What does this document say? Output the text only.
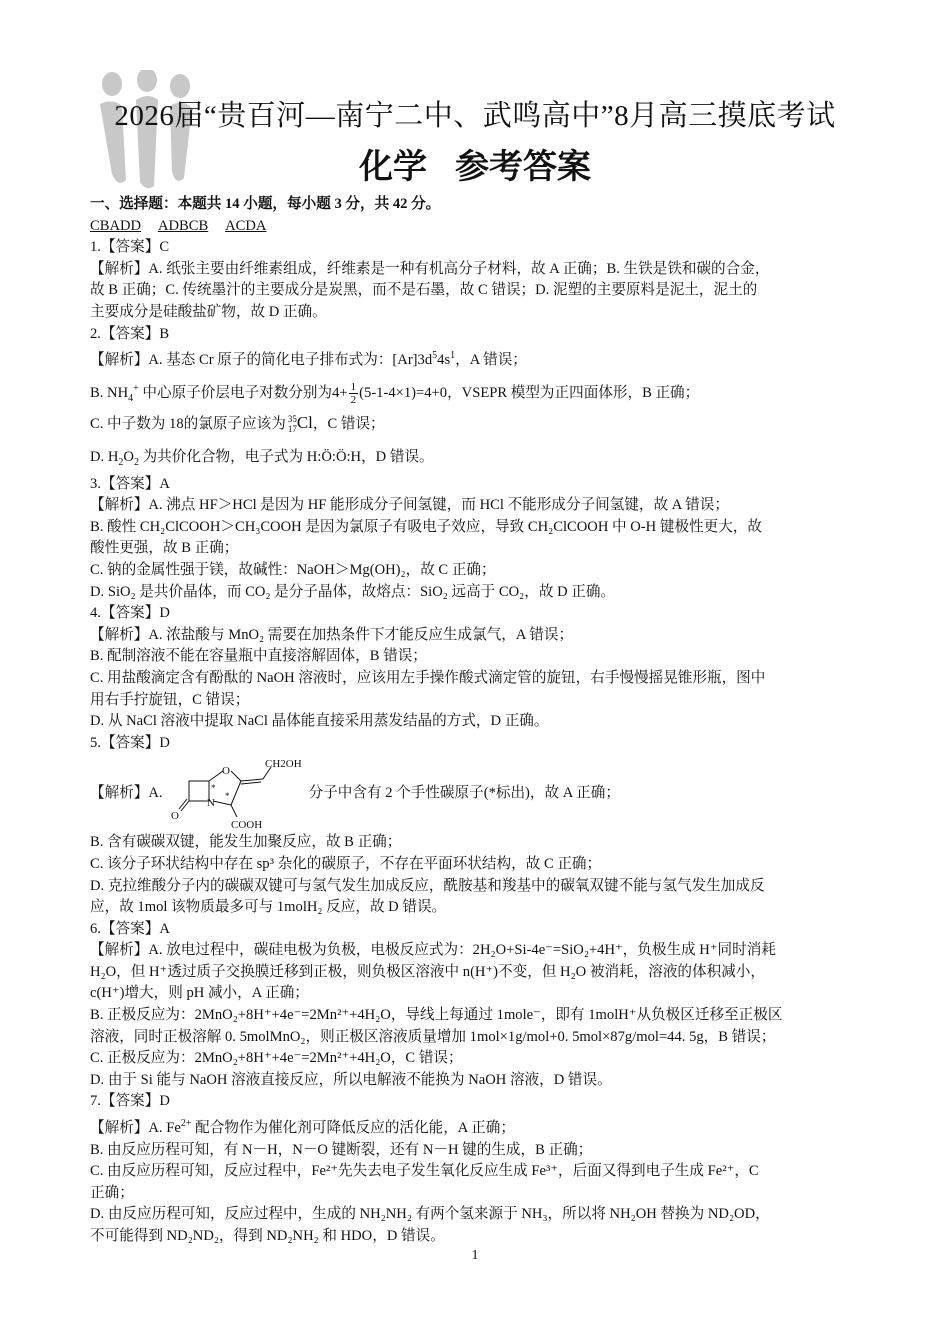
2026届“贵百河—南宁二中、武鸣高中”8月高三摸底考试
化学 参考答案
一、选择题：本题共 14 小题，每小题 3 分，共 42 分。
CBADD ADBCB ACDA
1.【答案】C
【解析】A. 纸张主要由纤维素组成，纤维素是一种有机高分子材料，故 A 正确；B. 生铁是铁和碳的合金，
故 B 正确；C. 传统墨汁的主要成分是炭黑，而不是石墨，故 C 错误；D. 泥塑的主要原料是泥土，泥土的
主要成分是硅酸盐矿物，故 D 正确。
2.【答案】B
【解析】A. 基态 Cr 原子的简化电子排布式为：$[Ar]3d^54s^1$，A 错误；
B. $NH_4^+$ 中心原子价层电子对数分别为$4+ \frac{1}{2} (5-1-4\times 1)=4+0$，VSEPR 模型为正四面体形，B 正确；
C. 中子数为 18的氯原子应该为 35
17 Cl，C 错误；
D. $H_2O_2$ 为共价化合物，电子式为 H:Ö:Ö:H，D 错误。
3.【答案】A
【解析】A. 沸点 HF＞HCl 是因为 HF 能形成分子间氢键，而 HCl 不能形成分子间氢键，故 A 错误；
B. 酸性 CH₂ClCOOH＞CH₃COOH 是因为氯原子有吸电子效应，导致 CH₂ClCOOH 中 O-H 键极性更大，故
酸性更强，故 B 正确；
C. 钠的金属性强于镁，故碱性：NaOH＞Mg(OH)₂，故 C 正确；
D. SiO₂ 是共价晶体，而 CO₂ 是分子晶体，故熔点：SiO₂ 远高于 CO₂，故 D 正确。
4.【答案】D
【解析】A. 浓盐酸与 MnO₂ 需要在加热条件下才能反应生成氯气，A 错误；
B. 配制溶液不能在容量瓶中直接溶解固体，B 错误；
C. 用盐酸滴定含有酚酞的 NaOH 溶液时，应该用左手操作酸式滴定管的旋钮，右手慢慢摇晃锥形瓶，图中
用右手拧旋钮，C 错误；
D. 从 NaCl 溶液中提取 NaCl 晶体能直接采用蒸发结晶的方式，D 正确。
5.【答案】D
【解析】A.
O
N
O
CH2OH
COOH
*
*	分子中含有 2 个手性碳原子(*标出)，故 A 正确；
B. 含有碳碳双键，能发生加聚反应，故 B 正确；
C. 该分子环状结构中存在 sp³ 杂化的碳原子，不存在平面环状结构，故 C 正确；
D. 克拉维酸分子内的碳碳双键可与氢气发生加成反应，酰胺基和羧基中的碳氧双键不能与氢气发生加成反
应，故 1mol 该物质最多可与 1molH₂ 反应，故 D 错误。
6.【答案】A
【解析】A. 放电过程中，碳硅电极为负极，电极反应式为：2H₂O+Si-4e⁻=SiO₂+4H⁺，负极生成 H⁺同时消耗
H₂O，但 H⁺透过质子交换膜迁移到正极，则负极区溶液中 n(H⁺)不变，但 H₂O 被消耗，溶液的体积减小，
c(H⁺)增大，则 pH 减小，A 正确；
B. 正极反应为：2MnO₂+8H⁺+4e⁻=2Mn²⁺+4H₂O，导线上每通过 1mole⁻，即有 1molH⁺从负极区迁移至正极区
溶液，同时正极溶解 0. 5molMnO₂，则正极区溶液质量增加 1mol×1g/mol+0. 5mol×87g/mol=44. 5g，B 错误；
C. 正极反应为：2MnO₂+8H⁺+4e⁻=2Mn²⁺+4H₂O，C 错误；
D. 由于 Si 能与 NaOH 溶液直接反应，所以电解液不能换为 NaOH 溶液，D 错误。
7.【答案】D
【解析】A. $Fe^{2+}$ 配合物作为催化剂可降低反应的活化能，A 正确；
B. 由反应历程可知，有 N－H，N－O 键断裂，还有 N－H 键的生成，B 正确；
C. 由反应历程可知，反应过程中，Fe²⁺先失去电子发生氧化反应生成 Fe³⁺，后面又得到电子生成 Fe²⁺，C
正确；
D. 由反应历程可知，反应过程中，生成的 NH₂NH₂ 有两个氢来源于 NH₃，所以将 NH₂OH 替换为 ND₂OD，
不可能得到 ND₂ND₂，得到 ND₂NH₂ 和 HDO，D 错误。
1
